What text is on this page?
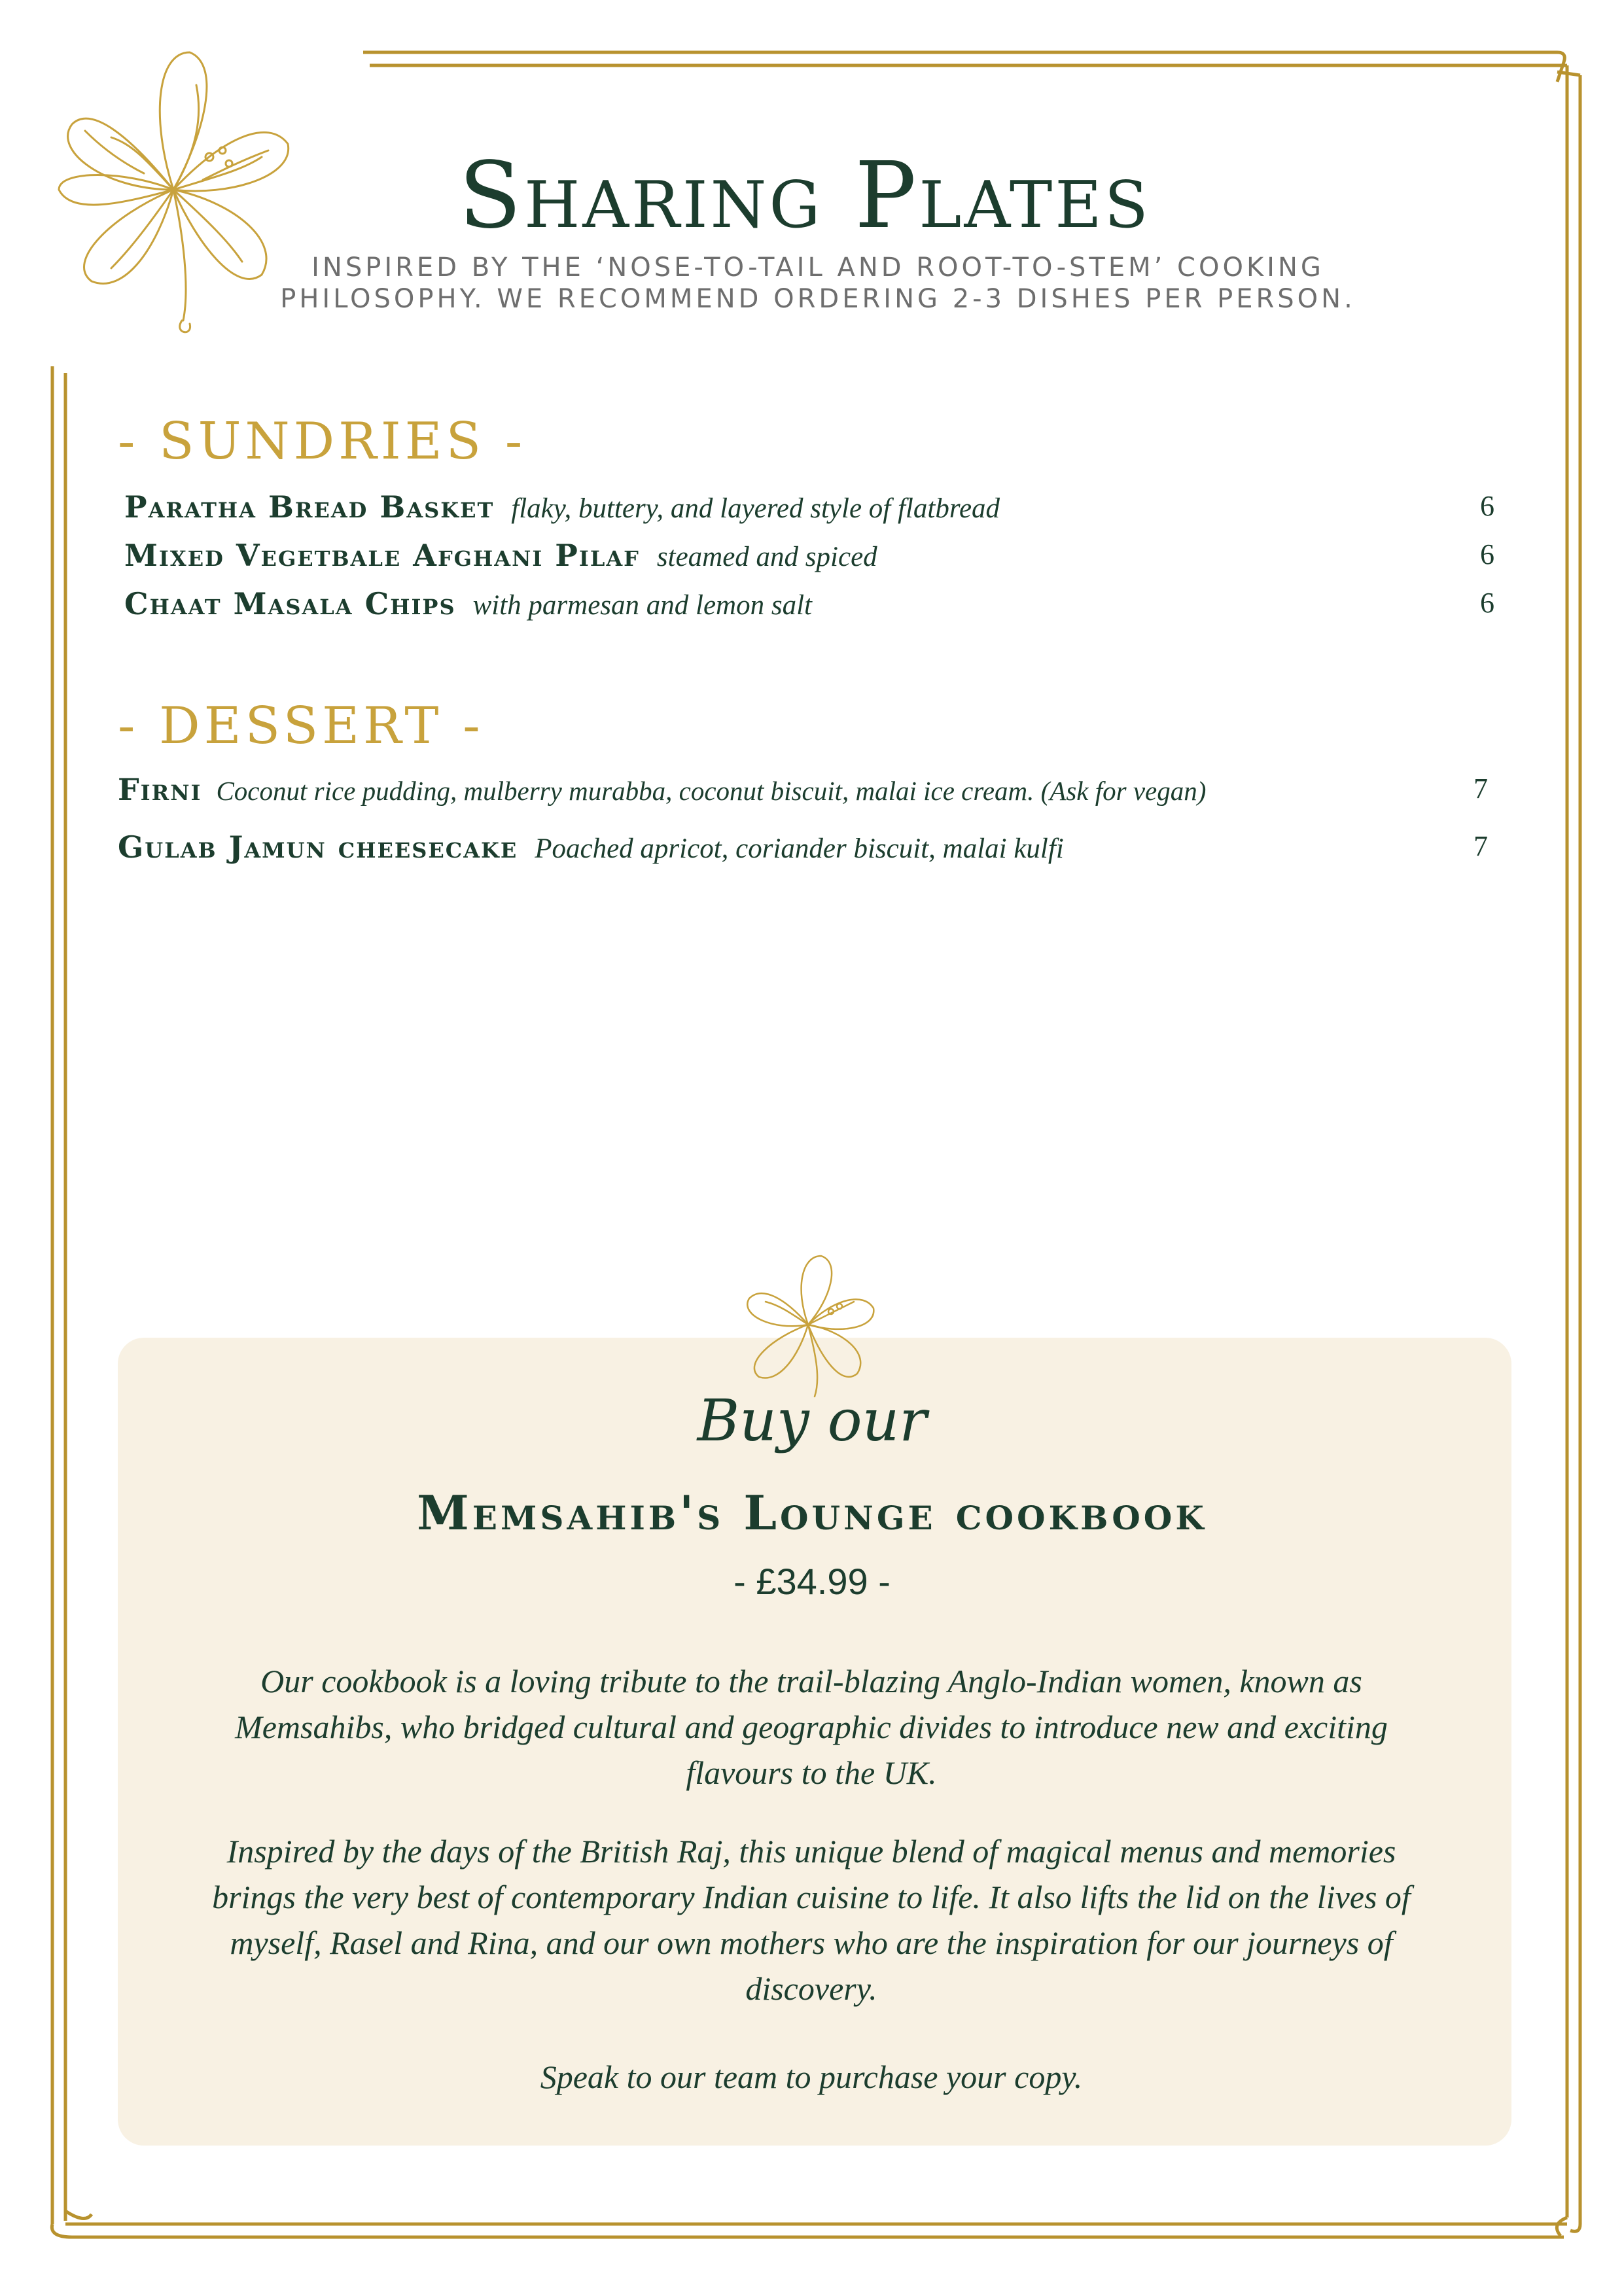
Sharing Plates
INSPIRED BY THE ‘NOSE-TO-TAIL AND ROOT-TO-STEM’ COOKING
PHILOSOPHY. WE RECOMMEND ORDERING 2-3 DISHES PER PERSON.
- SUNDRIES -
Paratha Bread Basket flaky, buttery, and layered style of flatbread	6
Mixed Vegetbale Afghani Pilaf steamed and spiced	6
Chaat Masala Chips with parmesan and lemon salt	6
- DESSERT -
Firni Coconut rice pudding, mulberry murabba, coconut biscuit, malai ice cream. (Ask for vegan)	7
Gulab Jamun cheesecake Poached apricot, coriander biscuit, malai kulfi	7
Buy our
Memsahib's Lounge cookbook
- £34.99 -
Our cookbook is a loving tribute to the trail-blazing Anglo-Indian women, known as Memsahibs, who bridged cultural and geographic divides to introduce new and exciting flavours to the UK.
Inspired by the days of the British Raj, this unique blend of magical menus and memories brings the very best of contemporary Indian cuisine to life. It also lifts the lid on the lives of myself, Rasel and Rina, and our own mothers who are the inspiration for our journeys of discovery.
Speak to our team to purchase your copy.
